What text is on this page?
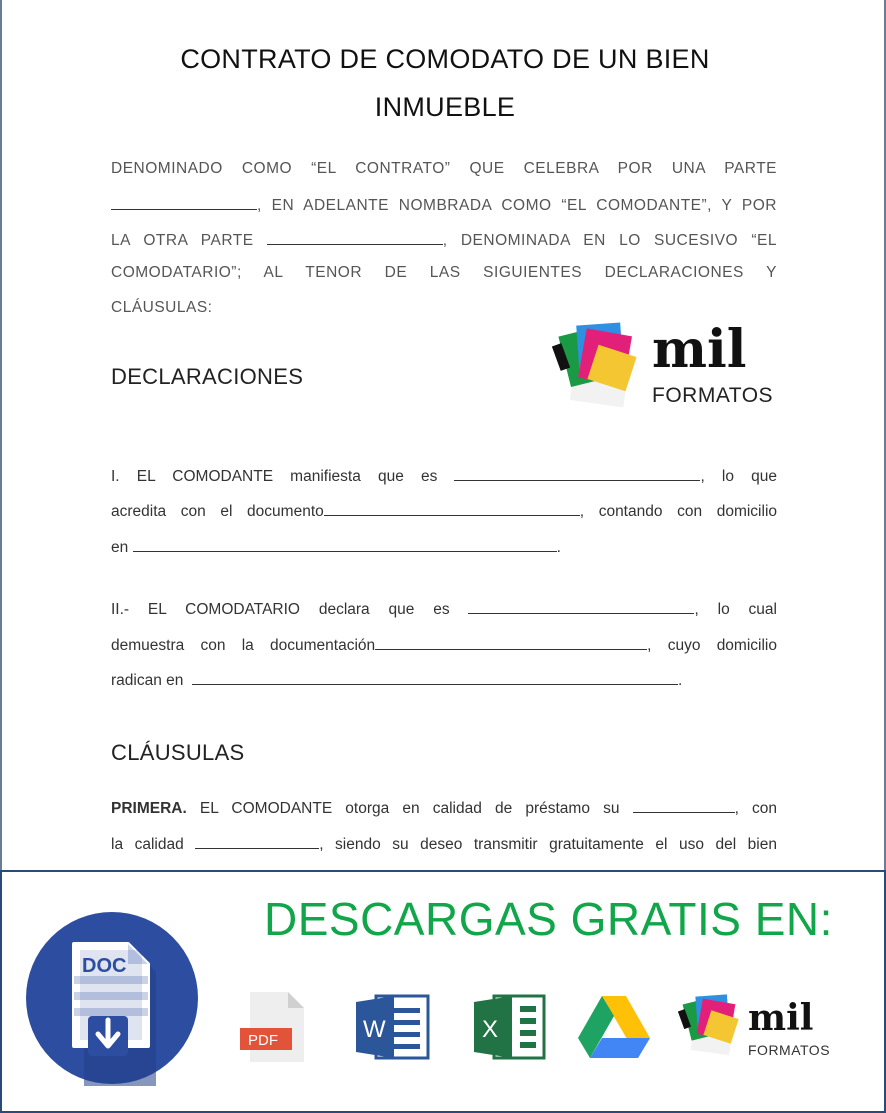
CONTRATO DE COMODATO DE UN BIEN
INMUEBLE
DENOMINADO COMO “EL CONTRATO” QUE CELEBRA POR UNA PARTE
, EN ADELANTE NOMBRADA COMO “EL COMODANTE”, Y POR
LA OTRA PARTE	, DENOMINADA EN LO SUCESIVO “EL
COMODATARIO”; AL TENOR DE LAS SIGUIENTES DECLARACIONES Y
CLÁUSULAS:
DECLARACIONES	mil
FORMATOS
I. EL COMODANTE manifiesta que es	, lo que
acredita con el documento	, contando con domicilio
en	.
II.- EL COMODATARIO declara que es	, lo cual
demuestra con la documentación	, cuyo domicilio
radican en	.
CLÁUSULAS
PRIMERA. EL COMODANTE otorga en calidad de préstamo su	, con
la calidad	, siendo su deseo transmitir gratuitamente el uso del bien
DESCARGAS GRATIS EN:
DOC
PDF	W	X	mil
FORMATOS
